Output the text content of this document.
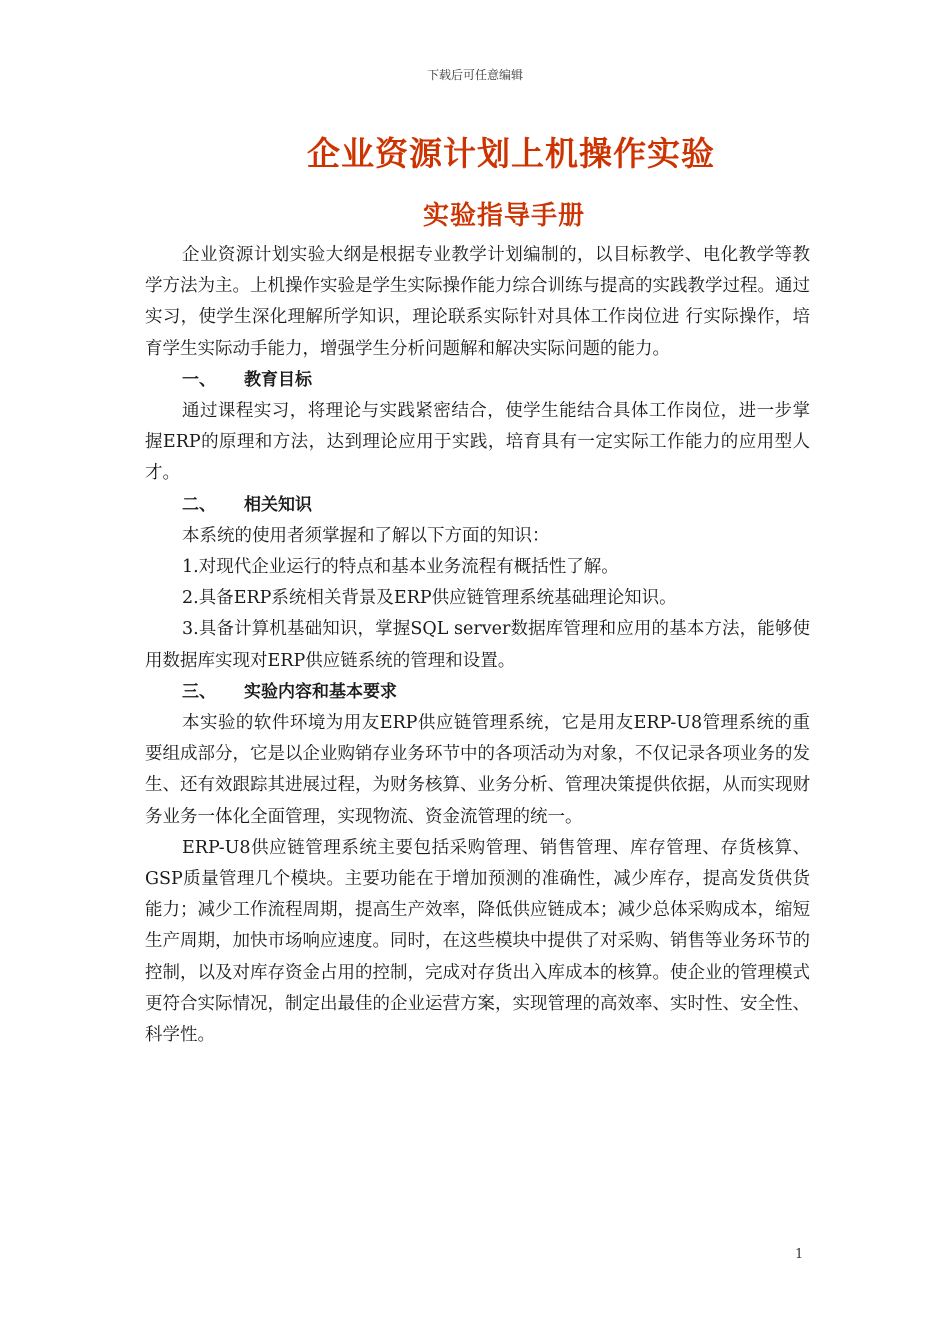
下载后可任意编辑
企业资源计划上机操作实验
实验指导手册

企业资源计划实验大纲是根据专业教学计划编制的，以目标教学、电化教学等教学方法为主。上机操作实验是学生实际操作能力综合训练与提高的实践教学过程。通过实习，使学生深化理解所学知识，理论联系实际针对具体工作岗位进 行实际操作，培育学生实际动手能力，增强学生分析问题解和解决实际问题的能力。

一、 教育目标

通过课程实习，将理论与实践紧密结合，使学生能结合具体工作岗位，进一步掌握ERP的原理和方法，达到理论应用于实践，培育具有一定实际工作能力的应用型人才。

二、 相关知识

本系统的使用者须掌握和了解以下方面的知识：

1.对现代企业运行的特点和基本业务流程有概括性了解。

2.具备ERP系统相关背景及ERP供应链管理系统基础理论知识。

3.具备计算机基础知识，掌握SQL server数据库管理和应用的基本方法，能够使用数据库实现对ERP供应链系统的管理和设置。

三、 实验内容和基本要求

本实验的软件环境为用友ERP供应链管理系统，它是用友ERP-U8管理系统的重要组成部分，它是以企业购销存业务环节中的各项活动为对象，不仅记录各项业务的发生、还有效跟踪其进展过程，为财务核算、业务分析、管理决策提供依据，从而实现财务业务一体化全面管理，实现物流、资金流管理的统一。

ERP-U8供应链管理系统主要包括采购管理、销售管理、库存管理、存货核算、GSP质量管理几个模块。主要功能在于增加预测的准确性，减少库存，提高发货供货能力；减少工作流程周期，提高生产效率，降低供应链成本；减少总体采购成本，缩短生产周期，加快市场响应速度。同时，在这些模块中提供了对采购、销售等业务环节的控制，以及对库存资金占用的控制，完成对存货出入库成本的核算。使企业的管理模式更符合实际情况，制定出最佳的企业运营方案，实现管理的高效率、实时性、安全性、科学性。

1
